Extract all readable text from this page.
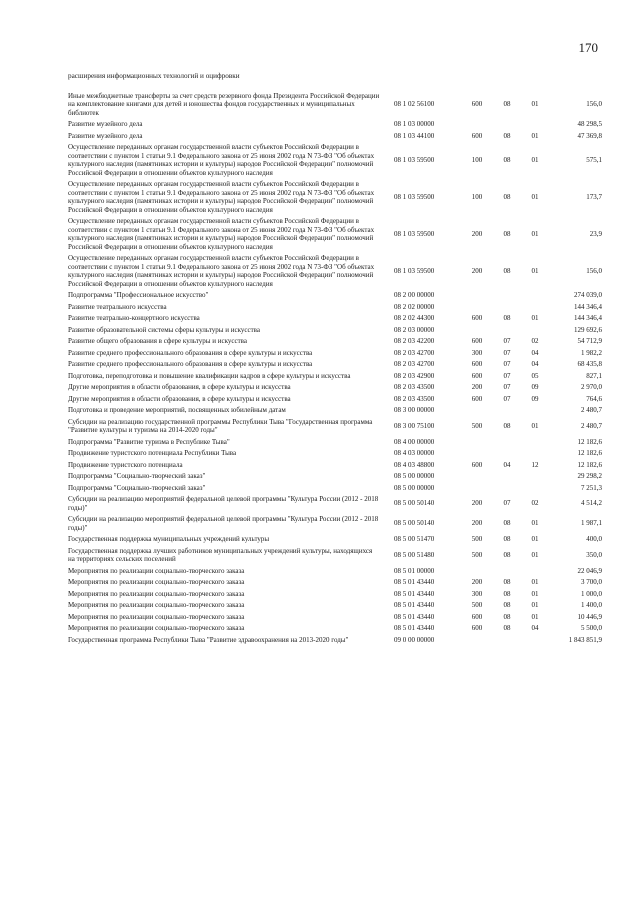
170
расширения информационных технологий и оцифровки
Иные межбюджетные трансферты за счет средств резервного фонда Президента Российской Федерации на комплектование книгами для детей и юношества фондов государственных и муниципальных библиотек	08 1 02 56100	600	08	01	156,0
Развитие музейного дела	08 1 03 00000				48 298,5
Развитие музейного дела	08 1 03 44100	600	08	01	47 369,8
Осуществление переданных органам государственной власти субъектов Российской Федерации в соответствии с пунктом 1 статьи 9.1 Федерального закона от 25 июня 2002 года N 73-ФЗ "Об объектах культурного наследия (памятниках истории и культуры) народов Российской Федерации" полномочий Российской Федерации в отношении объектов культурного наследия	08 1 03 59500	100	08	01	575,1
Осуществление переданных органам государственной власти субъектов Российской Федерации в соответствии с пунктом 1 статьи 9.1 Федерального закона от 25 июня 2002 года N 73-ФЗ "Об объектах культурного наследия (памятниках истории и культуры) народов Российской Федерации" полномочий Российской Федерации в отношении объектов культурного наследия	08 1 03 59500	100	08	01	173,7
Осуществление переданных органам государственной власти субъектов Российской Федерации в соответствии с пунктом 1 статьи 9.1 Федерального закона от 25 июня 2002 года N 73-ФЗ "Об объектах культурного наследия (памятниках истории и культуры) народов Российской Федерации" полномочий Российской Федерации в отношении объектов культурного наследия	08 1 03 59500	200	08	01	23,9
Осуществление переданных органам государственной власти субъектов Российской Федерации в соответствии с пунктом 1 статьи 9.1 Федерального закона от 25 июня 2002 года N 73-ФЗ "Об объектах культурного наследия (памятниках истории и культуры) народов Российской Федерации" полномочий Российской Федерации в отношении объектов культурного наследия	08 1 03 59500	200	08	01	156,0
Подпрограмма "Профессиональное искусство"	08 2 00 00000				274 039,0
Развитие театрального искусства	08 2 02 00000				144 346,4
Развитие театрально-концертного искусства	08 2 02 44300	600	08	01	144 346,4
Развитие образовательной системы сферы культуры и искусства	08 2 03 00000				129 692,6
Развитие общего образования в сфере культуры и искусства	08 2 03 42200	600	07	02	54 712,9
Развитие среднего профессионального образования в сфере культуры и искусства	08 2 03 42700	300	07	04	1 982,2
Развитие среднего профессионального образования в сфере культуры и искусства	08 2 03 42700	600	07	04	68 435,8
Подготовка, переподготовка и повышение квалификации кадров в сфере культуры и искусства	08 2 03 42900	600	07	05	827,1
Другие мероприятия в области образования, в сфере культуры и искусства	08 2 03 43500	200	07	09	2 970,0
Другие мероприятия в области образования, в сфере культуры и искусства	08 2 03 43500	600	07	09	764,6
Подготовка и проведение мероприятий, посвященных юбилейным датам	08 3 00 00000				2 480,7
Субсидии на реализацию государственной программы Республики Тыва "Государственная программа "Развитие культуры и туризма на 2014-2020 годы"	08 3 00 75100	500	08	01	2 480,7
Подпрограмма "Развитие туризма в Республике Тыва"	08 4 00 00000				12 182,6
Продвижение туристского потенциала Республики Тыва	08 4 03 00000				12 182,6
Продвижение туристского потенциала	08 4 03 48800	600	04	12	12 182,6
Подпрограмма "Социально-творческий заказ"	08 5 00 00000				29 298,2
Подпрограмма "Социально-творческий заказ"	08 5 00 00000				7 251,3
Субсидии на реализацию мероприятий федеральной целевой программы "Культура России (2012 - 2018 годы)"	08 5 00 50140	200	07	02	4 514,2
Субсидии на реализацию мероприятий федеральной целевой программы "Культура России (2012 - 2018 годы)"	08 5 00 50140	200	08	01	1 987,1
Государственная поддержка муниципальных учреждений культуры	08 5 00 51470	500	08	01	400,0
Государственная поддержка лучших работников муниципальных учреждений культуры, находящихся на территориях сельских поселений	08 5 00 51480	500	08	01	350,0
Мероприятия по реализации социально-творческого заказа	08 5 01 00000				22 046,9
Мероприятия по реализации социально-творческого заказа	08 5 01 43440	200	08	01	3 700,0
Мероприятия по реализации социально-творческого заказа	08 5 01 43440	300	08	01	1 000,0
Мероприятия по реализации социально-творческого заказа	08 5 01 43440	500	08	01	1 400,0
Мероприятия по реализации социально-творческого заказа	08 5 01 43440	600	08	01	10 446,9
Мероприятия по реализации социально-творческого заказа	08 5 01 43440	600	08	04	5 500,0
Государственная программа Республики Тыва "Развитие здравоохранения на 2013-2020 годы"	09 0 00 00000				1 843 851,9
